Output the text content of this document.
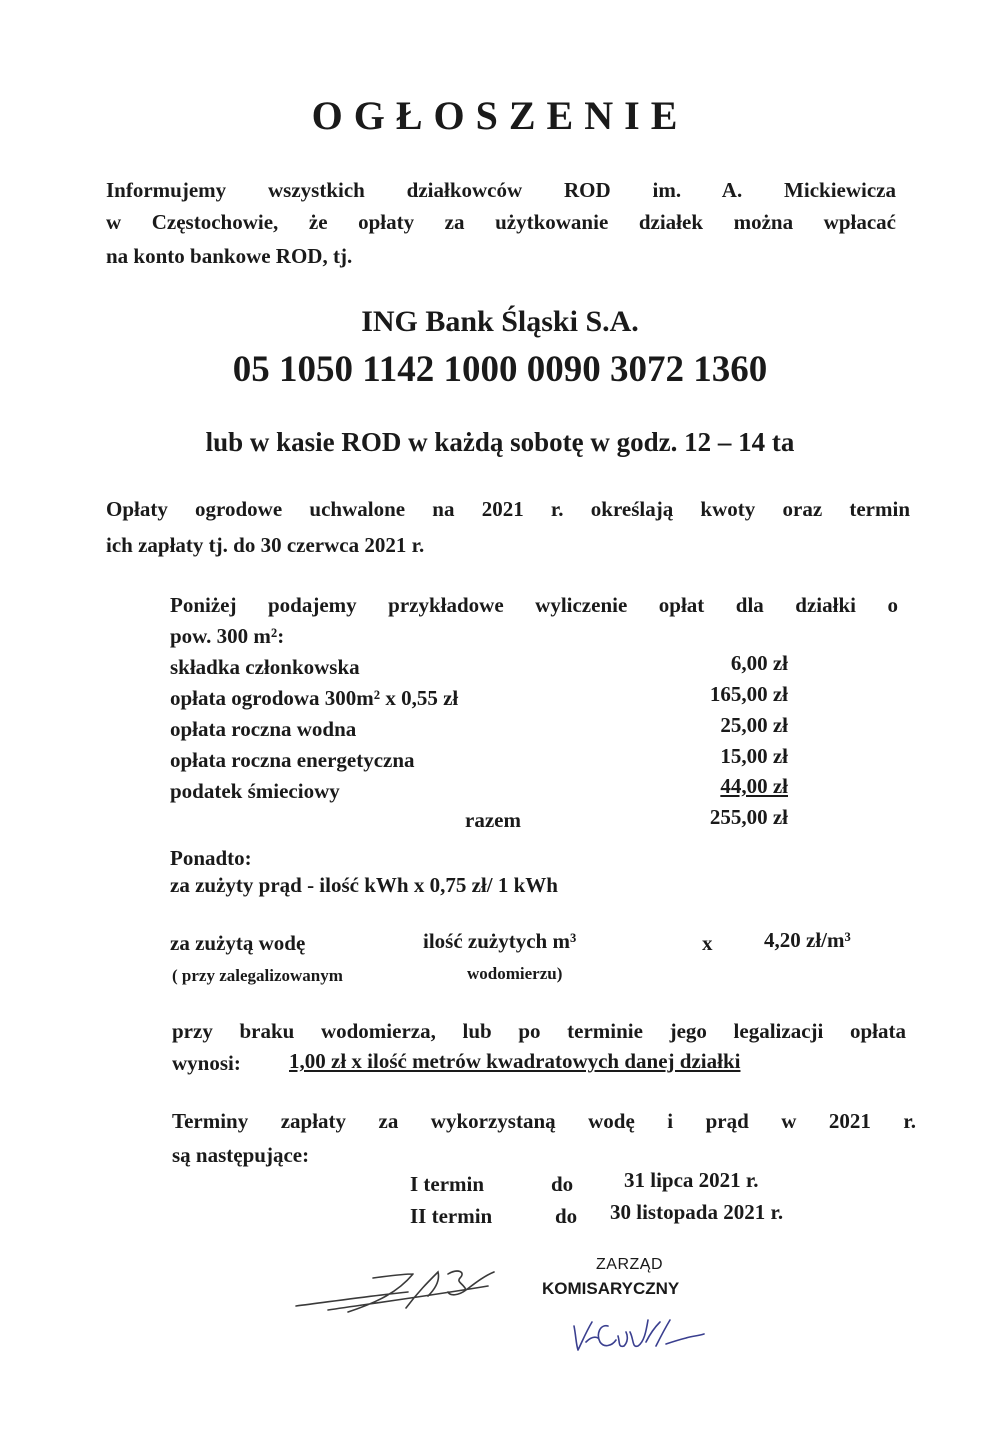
OGŁOSZENIE
Informujemy wszystkich działkowców ROD im. A. Mickiewicza
w Częstochowie, że opłaty za użytkowanie działek można wpłacać
na konto bankowe ROD, tj.
ING Bank Śląski S.A.
05 1050 1142 1000 0090 3072 1360
lub w kasie ROD w każdą sobotę w godz. 12 – 14 ta
Opłaty ogrodowe uchwalone na 2021 r. określają kwoty oraz termin
ich zapłaty tj. do 30 czerwca 2021 r.
Poniżej podajemy przykładowe wyliczenie opłat dla działki o
pow. 300 m²:
składka członkowska	6,00 zł
opłata ogrodowa 300m² x 0,55 zł	165,00 zł
opłata roczna wodna	25,00 zł
opłata roczna energetyczna	15,00 zł
podatek śmieciowy	44,00 zł
razem	255,00 zł
Ponadto:
za zużyty prąd - ilość kWh x 0,75 zł/ 1 kWh
za zużytą wodę	ilość zużytych m³	x 4,20 zł/m³
( przy zalegalizowanym	wodomierzu)
przy braku wodomierza, lub po terminie jego legalizacji opłata
wynosi: 1,00 zł x ilość metrów kwadratowych danej działki
Terminy zapłaty za wykorzystaną wodę i prąd w 2021 r.
są następujące:
I termin	do 31 lipca 2021 r.
II termin	do 30 listopada 2021 r.
ZARZĄD
KOMISARYCZNY
